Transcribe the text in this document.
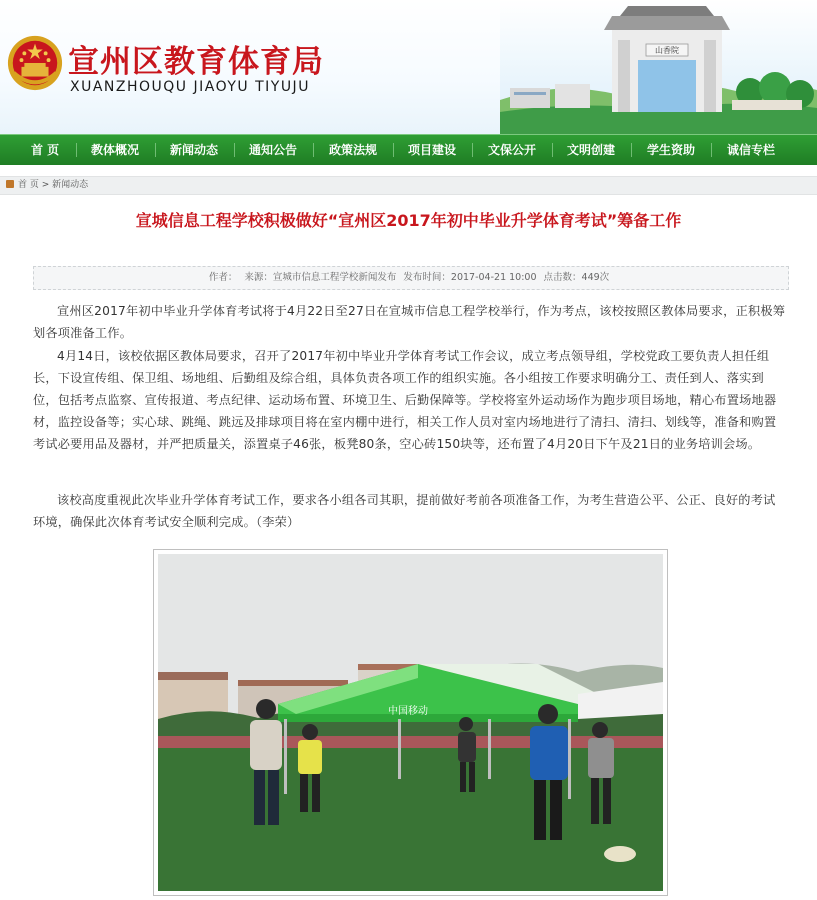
宣州区教育体育局
XUANZHOUQU JIAOYU TIYUJU
山香院
首 页	教体概况	新闻动态	通知公告	政策法规	项目建设	文保公开	文明创建	学生资助	诚信专栏
首 页 > 新闻动态
宣城信息工程学校积极做好“宣州区2017年初中毕业升学体育考试”筹备工作
作者： 来源：宣城市信息工程学校新闻发布 发布时间：2017-04-21 10:00 点击数：449次

宣州区2017年初中毕业升学体育考试将于4月22日至27日在宣城市信息工程学校举行，作为考点，该校按照区教体局要求，正积极筹划各项准备工作。

4月14日，该校依据区教体局要求，召开了2017年初中毕业升学体育考试工作会议，成立考点领导组，学校党政工要负责人担任组长，下设宣传组、保卫组、场地组、后勤组及综合组，具体负责各项工作的组织实施。各小组按工作要求明确分工、责任到人、落实到位，包括考点监察、宣传报道、考点纪律、运动场布置、环境卫生、后勤保障等。学校将室外运动场作为跑步项目场地，精心布置场地器材，监控设备等；实心球、跳绳、跳远及排球项目将在室内棚中进行，相关工作人员对室内场地进行了清扫、清扫、划线等，准备和购置考试必要用品及器材，并严把质量关，添置桌子46张，板凳80条，空心砖150块等，还布置了4月20日下午及21日的业务培训会场。

该校高度重视此次毕业升学体育考试工作，要求各小组各司其职，提前做好考前各项准备工作，为考生营造公平、公正、良好的考试环境，确保此次体育考试安全顺利完成。（李荣）

中国移动
